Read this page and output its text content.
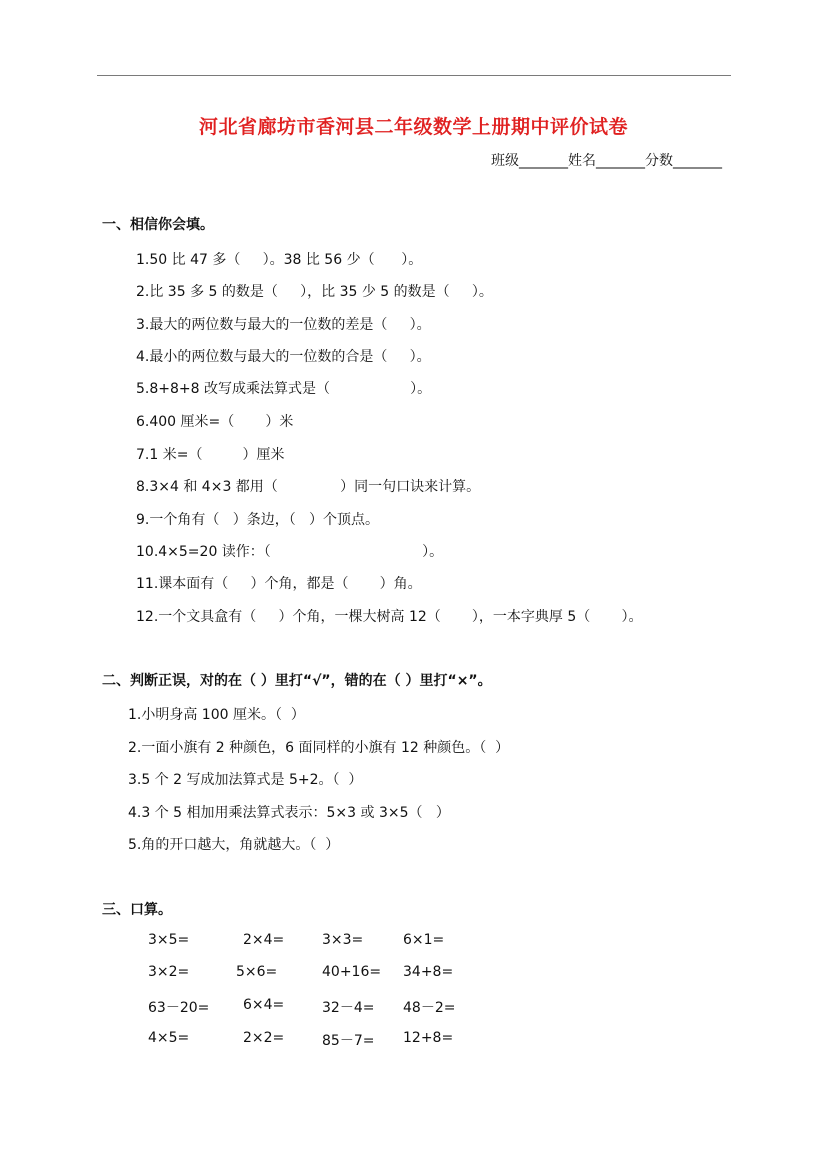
河北省廊坊市香河县二年级数学上册期中评价试卷
班级_______姓名_______分数_______
一、相信你会填。
1.50 比 47 多（     ）。38 比 56 少（      ）。
2.比 35 多 5 的数是（     ），比 35 少 5 的数是（     ）。
3.最大的两位数与最大的一位数的差是（     ）。
4.最小的两位数与最大的一位数的合是（     ）。
5.8+8+8 改写成乘法算式是（                  ）。
6.400 厘米=（       ）米
7.1 米=（         ）厘米
8.3×4 和 4×3 都用（              ）同一句口诀来计算。
9.一个角有（   ）条边，（   ）个顶点。
10.4×5=20 读作：（                                  ）。
11.课本面有（     ）个角，都是（       ）角。
12.一个文具盒有（     ）个角，一棵大树高 12（       ），一本字典厚 5（       ）。
二、判断正误，对的在（ ）里打“√”，错的在（ ）里打“×”。
1.小明身高 100 厘米。（  ）
2.一面小旗有 2 种颜色，6 面同样的小旗有 12 种颜色。（  ）
3.5 个 2 写成加法算式是 5+2。（  ）
4.3 个 5 相加用乘法算式表示：5×3 或 3×5（   ）
5.角的开口越大，角就越大。（  ）
三、口算。
3×5=	2×4=	3×3=	6×1=
3×2=	5×6=	40+16= 34+8=
63－20= 6×4=	32－4= 48－2=
4×5=	2×2=	85－7= 12+8=
